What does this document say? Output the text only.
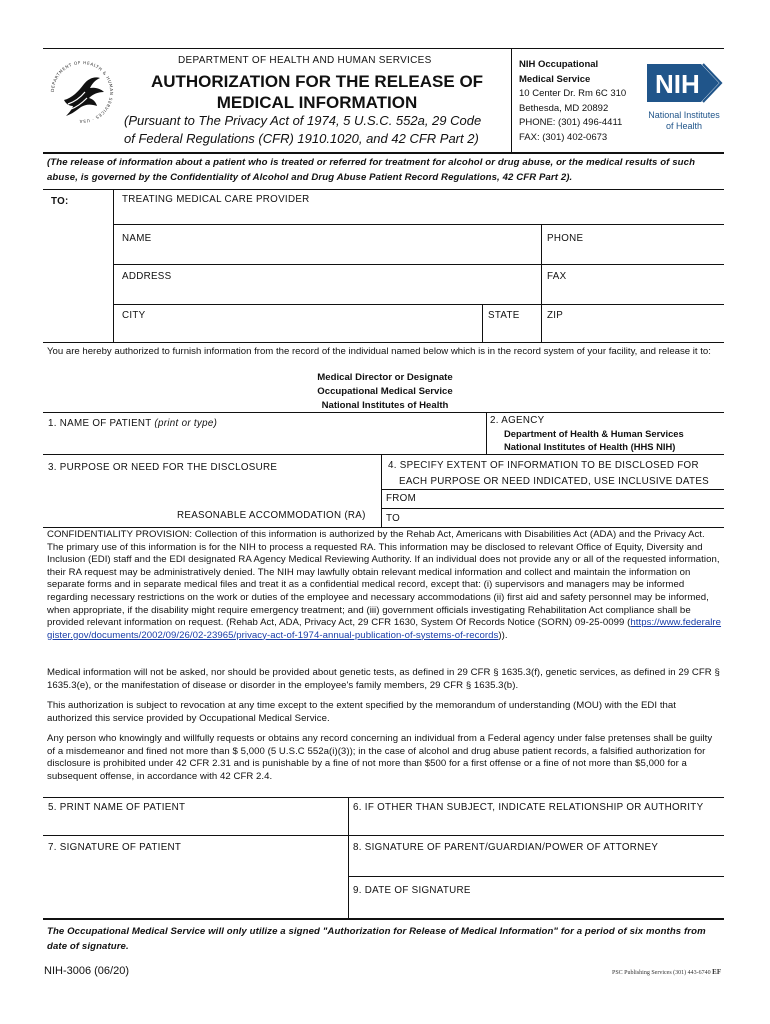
DEPARTMENT OF HEALTH & HUMAN SERVICES · USA
DEPARTMENT OF HEALTH AND HUMAN SERVICES
AUTHORIZATION FOR THE RELEASE OF
MEDICAL INFORMATION
(Pursuant to The Privacy Act of 1974, 5 U.S.C. 552a, 29 Code
of Federal Regulations (CFR) 1910.1020, and 42 CFR Part 2)
NIH Occupational
Medical Service
10 Center Dr. Rm 6C 310
Bethesda, MD 20892
PHONE: (301) 496-4411
FAX: (301) 402-0673
NIH
National Institutes
of Health
(The release of information about a patient who is treated or referred for treatment for alcohol or drug abuse, or the medical results of such abuse, is governed by the Confidentiality of Alcohol and Drug Abuse Patient Record Regulations, 42 CFR Part 2).
TO:	TREATING MEDICAL CARE PROVIDER
NAME	PHONE
ADDRESS	FAX
CITY	STATE	ZIP
You are hereby authorized to furnish information from the record of the individual named below which is in the record system of your facility, and release it to:
Medical Director or Designate
Occupational Medical Service
National Institutes of Health
1. NAME OF PATIENT (print or type)	2. AGENCY
Department of Health & Human Services
National Institutes of Health (HHS NIH)
3. PURPOSE OR NEED FOR THE DISCLOSURE	4. SPECIFY EXTENT OF INFORMATION TO BE DISCLOSED FOR
EACH PURPOSE OR NEED INDICATED, USE INCLUSIVE DATES
FROM
TO
REASONABLE ACCOMMODATION (RA)

CONFIDENTIALITY PROVISION: Collection of this information is authorized by the Rehab Act, Americans with Disabilities Act (ADA) and the Privacy Act. The primary use of this information is for the NIH to process a requested RA. This information may be disclosed to relevant Office of Equity, Diversity and Inclusion (EDI) staff and the EDI designated RA Agency Medical Reviewing Authority. If an individual does not provide any or all of the requested information, their RA request may be administratively denied. The NIH may lawfully obtain relevant medical information and collect and maintain the information on separate forms and in separate medical files and treat it as a confidential medical record, except that: (i) supervisors and managers may be informed regarding necessary restrictions on the work or duties of the employee and necessary accommodations (ii) first aid and safety personnel may be informed, when appropriate, if the disability might require emergency treatment; and (iii) government officials investigating Rehabilitation Act compliance shall be provided relevant information on request. (Rehab Act, ADA, Privacy Act, 29 CFR 1630, System Of Records Notice (SORN) 09-25-0099 (https://www.federalregister.gov/documents/2002/09/26/02-23965/privacy-act-of-1974-annual-publication-of-systems-of-records)).

Medical information will not be asked, nor should be provided about genetic tests, as defined in 29 CFR § 1635.3(f), genetic services, as defined in 29 CFR § 1635.3(e), or the manifestation of disease or disorder in the employee's family members, 29 CFR § 1635.3(b).
This authorization is subject to revocation at any time except to the extent specified by the memorandum of understanding (MOU) with the EDI that authorized this service provided by Occupational Medical Service.
Any person who knowingly and willfully requests or obtains any record concerning an individual from a Federal agency under false pretenses shall be guilty of a misdemeanor and fined not more than $ 5,000 (5 U.S.C 552a(i)(3)); in the case of alcohol and drug abuse patient records, a falsified authorization for disclosure is prohibited under 42 CFR 2.31 and is punishable by a fine of not more than $500 for a first offense or a fine of not more than $5,000 for a subsequent offense, in accordance with 42 CFR 2.4.
5. PRINT NAME OF PATIENT	6. IF OTHER THAN SUBJECT, INDICATE RELATIONSHIP OR AUTHORITY
7. SIGNATURE OF PATIENT	8. SIGNATURE OF PARENT/GUARDIAN/POWER OF ATTORNEY
9. DATE OF SIGNATURE
The Occupational Medical Service will only utilize a signed "Authorization for Release of Medical Information" for a period of six months from date of signature.
NIH-3006 (06/20)	PSC Publishing Services (301) 443-6740 EF
